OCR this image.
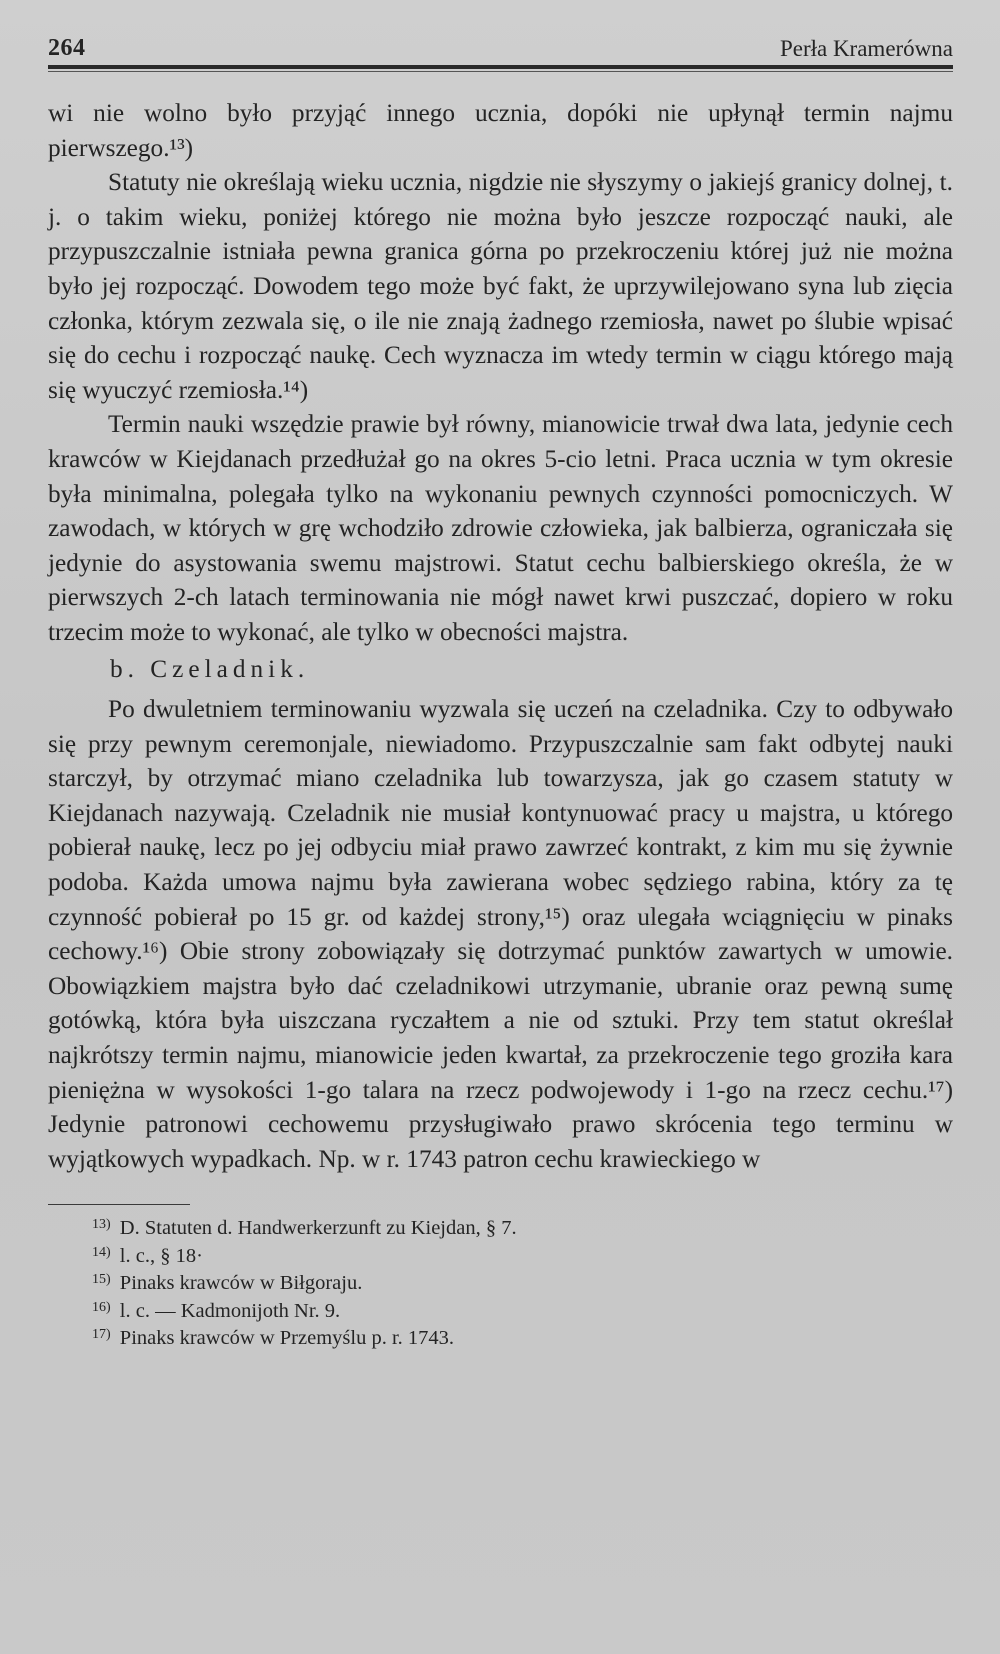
264	Perła Kramerówna

wi nie wolno było przyjąć innego ucznia, dopóki nie upłynął termin najmu pierwszego.¹³)

Statuty nie określają wieku ucznia, nigdzie nie słyszymy o jakiejś granicy dolnej, t. j. o takim wieku, poniżej którego nie można było jeszcze rozpocząć nauki, ale przypuszczalnie istniała pewna granica górna po przekroczeniu której już nie można było jej rozpocząć. Dowodem tego może być fakt, że uprzywilejowano syna lub zięcia członka, którym zezwala się, o ile nie znają żadnego rzemiosła, nawet po ślubie wpisać się do cechu i rozpocząć naukę. Cech wyznacza im wtedy termin w ciągu którego mają się wyuczyć rzemiosła.¹⁴)

Termin nauki wszędzie prawie był równy, mianowicie trwał dwa lata, jedynie cech krawców w Kiejdanach przedłużał go na okres 5-cio letni. Praca ucznia w tym okresie była minimalna, polegała tylko na wykonaniu pewnych czynności pomocniczych. W zawodach, w których w grę wchodziło zdrowie człowieka, jak balbierza, ograniczała się jedynie do asystowania swemu majstrowi. Statut cechu balbierskiego określa, że w pierwszych 2-ch latach terminowania nie mógł nawet krwi puszczać, dopiero w roku trzecim może to wykonać, ale tylko w obecności majstra.

b. Czeladnik.

Po dwuletniem terminowaniu wyzwala się uczeń na czeladnika. Czy to odbywało się przy pewnym ceremonjale, niewiadomo. Przypuszczalnie sam fakt odbytej nauki starczył, by otrzymać miano czeladnika lub towarzysza, jak go czasem statuty w Kiejdanach nazywają. Czeladnik nie musiał kontynuować pracy u majstra, u którego pobierał naukę, lecz po jej odbyciu miał prawo zawrzeć kontrakt, z kim mu się żywnie podoba. Każda umowa najmu była zawierana wobec sędziego rabina, który za tę czynność pobierał po 15 gr. od każdej strony,¹⁵) oraz ulegała wciągnięciu w pinaks cechowy.¹⁶) Obie strony zobowiązały się dotrzymać punktów zawartych w umowie. Obowiązkiem majstra było dać czeladnikowi utrzymanie, ubranie oraz pewną sumę gotówką, która była uiszczana ryczałtem a nie od sztuki. Przy tem statut określał najkrótszy termin najmu, mianowicie jeden kwartał, za przekroczenie tego groziła kara pieniężna w wysokości 1-go talara na rzecz podwojewody i 1-go na rzecz cechu.¹⁷) Jedynie patronowi cechowemu przysługiwało prawo skrócenia tego terminu w wyjątkowych wypadkach. Np. w r. 1743 patron cechu krawieckiego w

$^{13)}$ D. Statuten d. Handwerkerzunft zu Kiejdan, § 7.
$^{14)}$ l. c., § 18·
$^{15)}$ Pinaks krawców w Biłgoraju.
$^{16)}$ l. c. — Kadmonijoth Nr. 9.
$^{17)}$ Pinaks krawców w Przemyślu p. r. 1743.
